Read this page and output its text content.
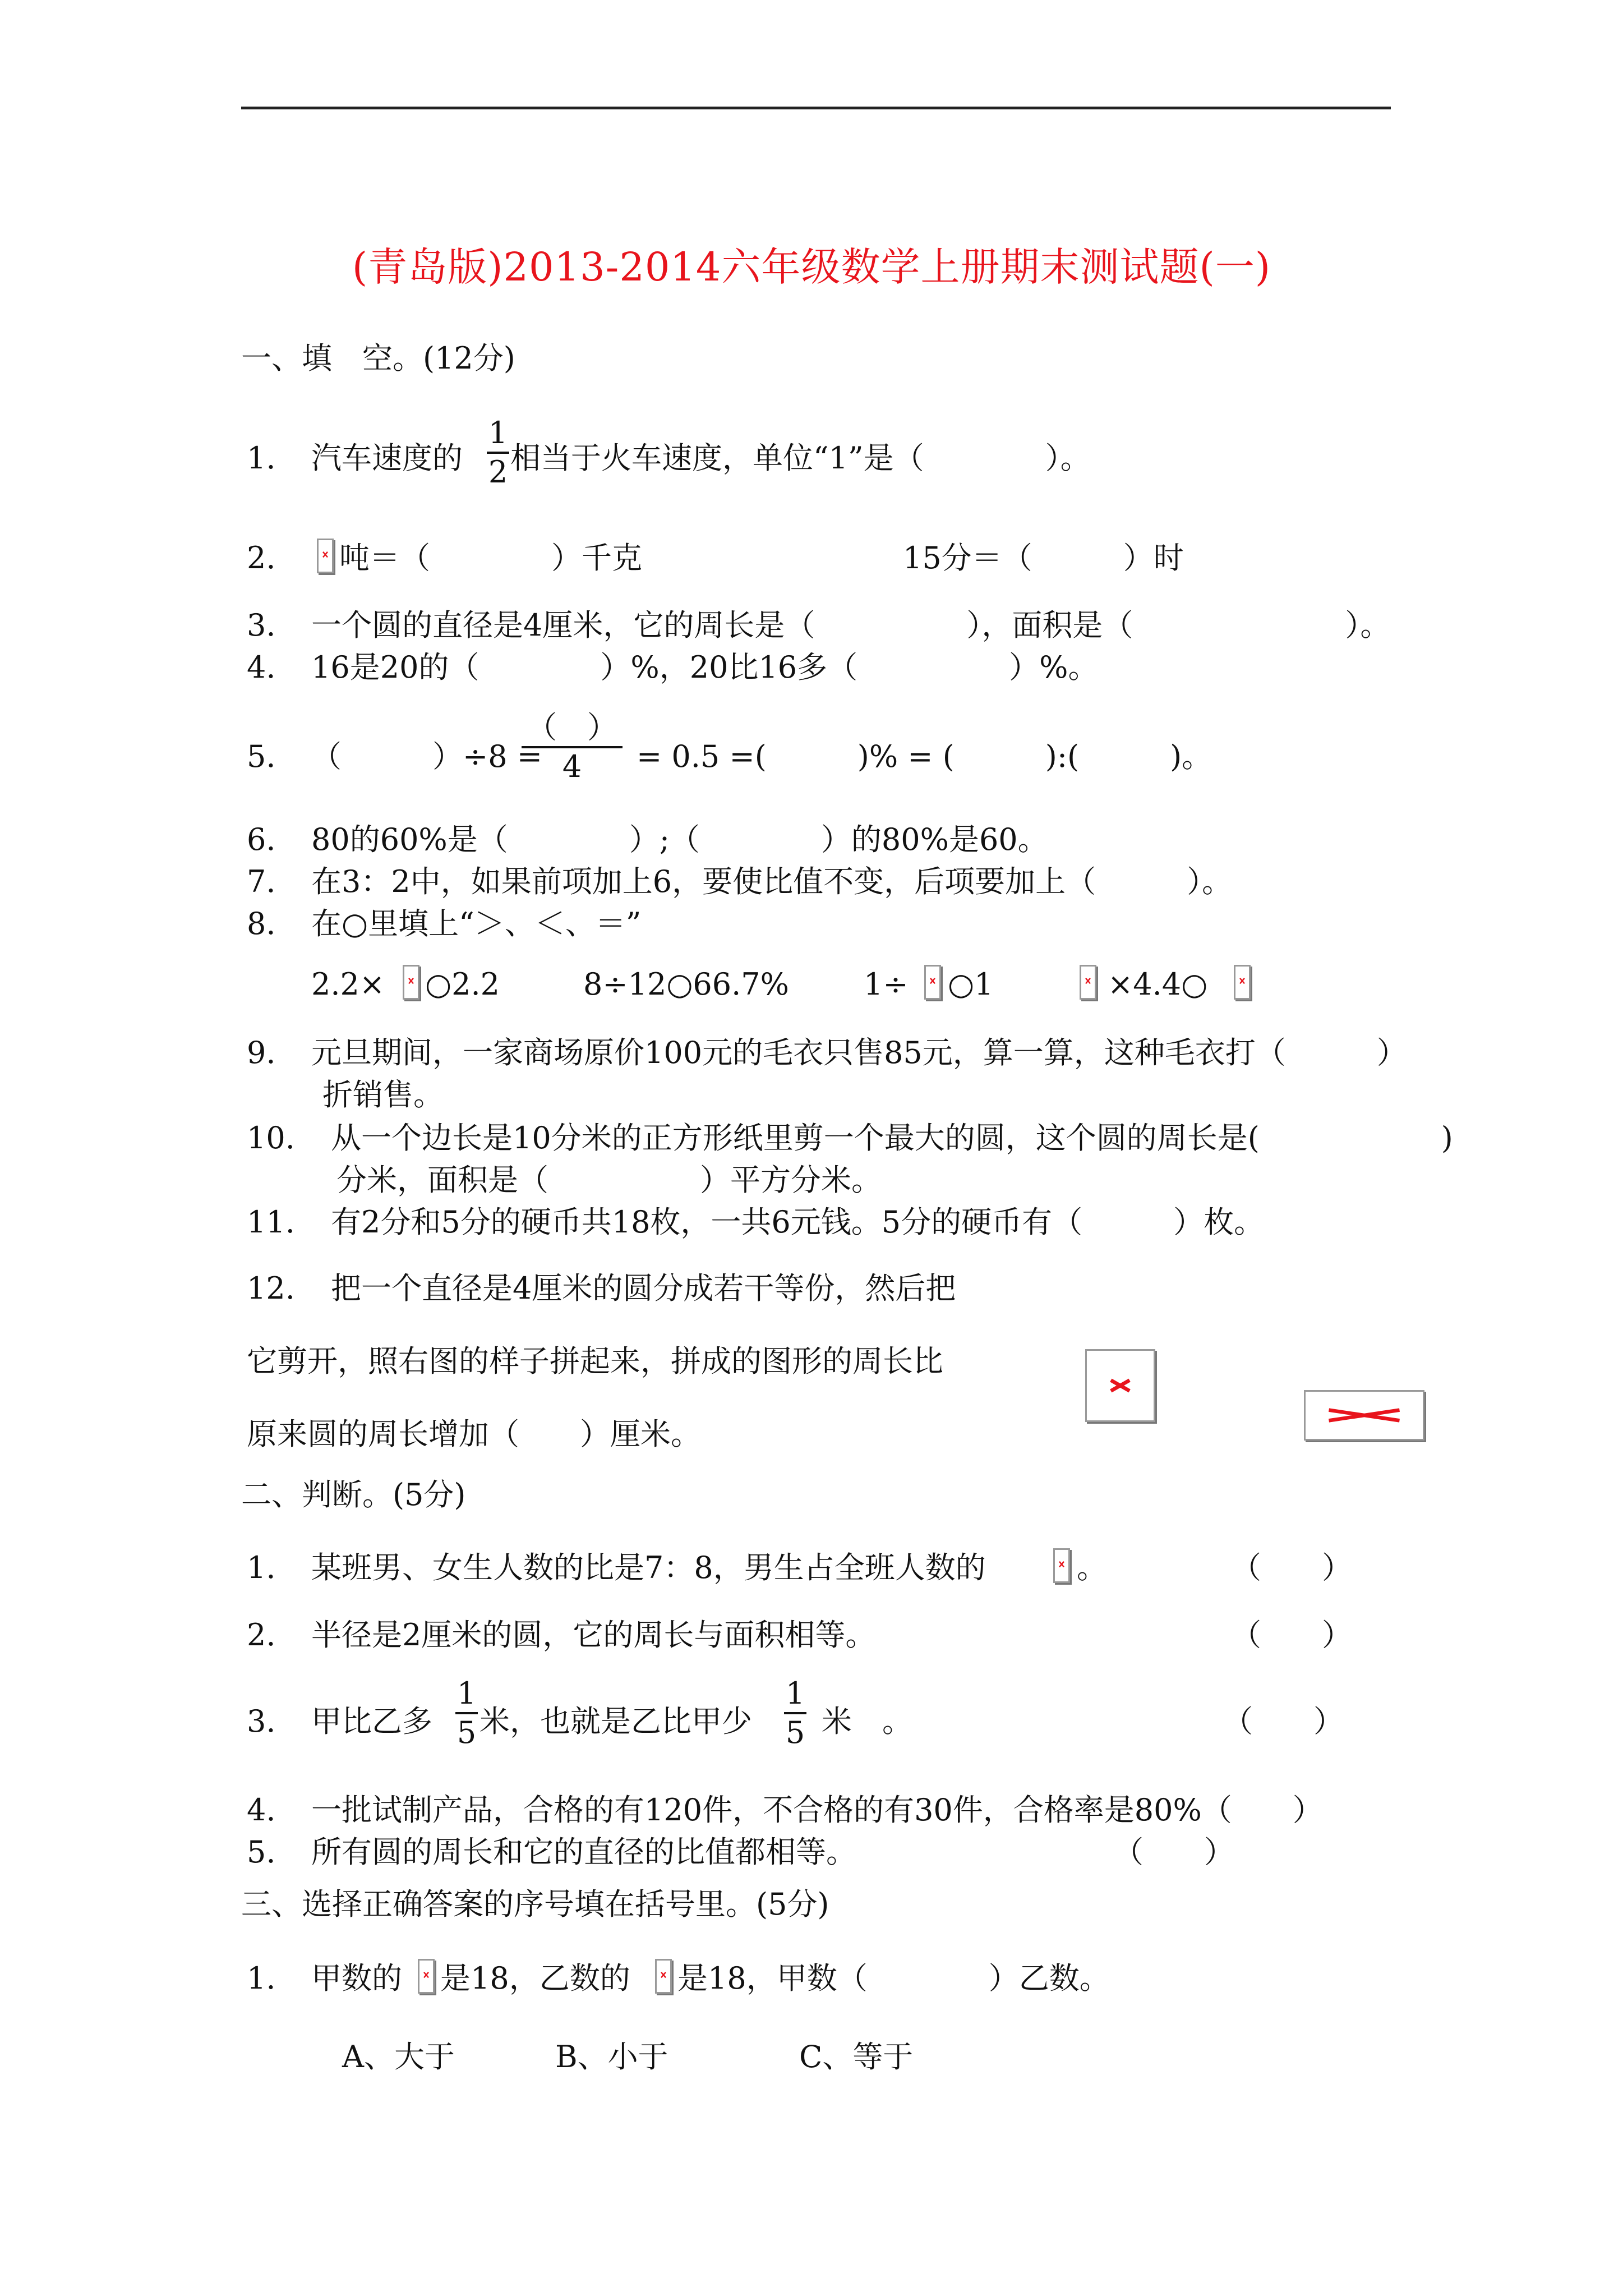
(青岛版)2013-2014六年级数学上册期末测试题(一)
一、填　空。(12分)
1. 汽车速度的
1
2 相当于火车速度，单位“1”是（　　　　）。
2. 吨＝（　　　　）千克	15分＝（　　　）时
3. 一个圆的直径是4厘米，它的周长是（　　　　　），面积是（　　　　　　　）。
4. 16是20的（　　　　）%，20比16多（　　　　　）%。
5. （　　　）÷8 =
（　）
4	= 0.5 =(　　　)% = (　　　):(　　　)。
6. 80的60%是（　　　　）;（　　　　）的80%是60。
7. 在3：2中，如果前项加上6，要使比值不变，后项要加上（　　　）。
8. 在○里填上“＞、＜、＝”
2.2× ○2.2	8÷12○66.7% 1÷ ○1	×4.4○
9. 元旦期间，一家商场原价100元的毛衣只售85元，算一算，这种毛衣打（　　　）
折销售。
10. 从一个边长是10分米的正方形纸里剪一个最大的圆，这个圆的周长是(　　　　　　)
分米，面积是（　　　　　）平方分米。
11. 有2分和5分的硬币共18枚，一共6元钱。5分的硬币有（　　　）枚。
12. 把一个直径是4厘米的圆分成若干等份，然后把
它剪开，照右图的样子拼起来，拼成的图形的周长比
原来圆的周长增加（　　）厘米。
二、判断。(5分)
1. 某班男、女生人数的比是7：8，男生占全班人数的	。	（　　）
2. 半径是2厘米的圆，它的周长与面积相等。	（　　）
3. 甲比乙多
1
5 米，也就是乙比甲少
1
5 米　。	（　　）
4. 一批试制产品，合格的有120件，不合格的有30件，合格率是80%（　　）
5. 所有圆的周长和它的直径的比值都相等。	（　　）
三、选择正确答案的序号填在括号里。(5分)
1. 甲数的 是18，乙数的 是18，甲数（　　　　）乙数。
A、大于	B、小于	C、等于
